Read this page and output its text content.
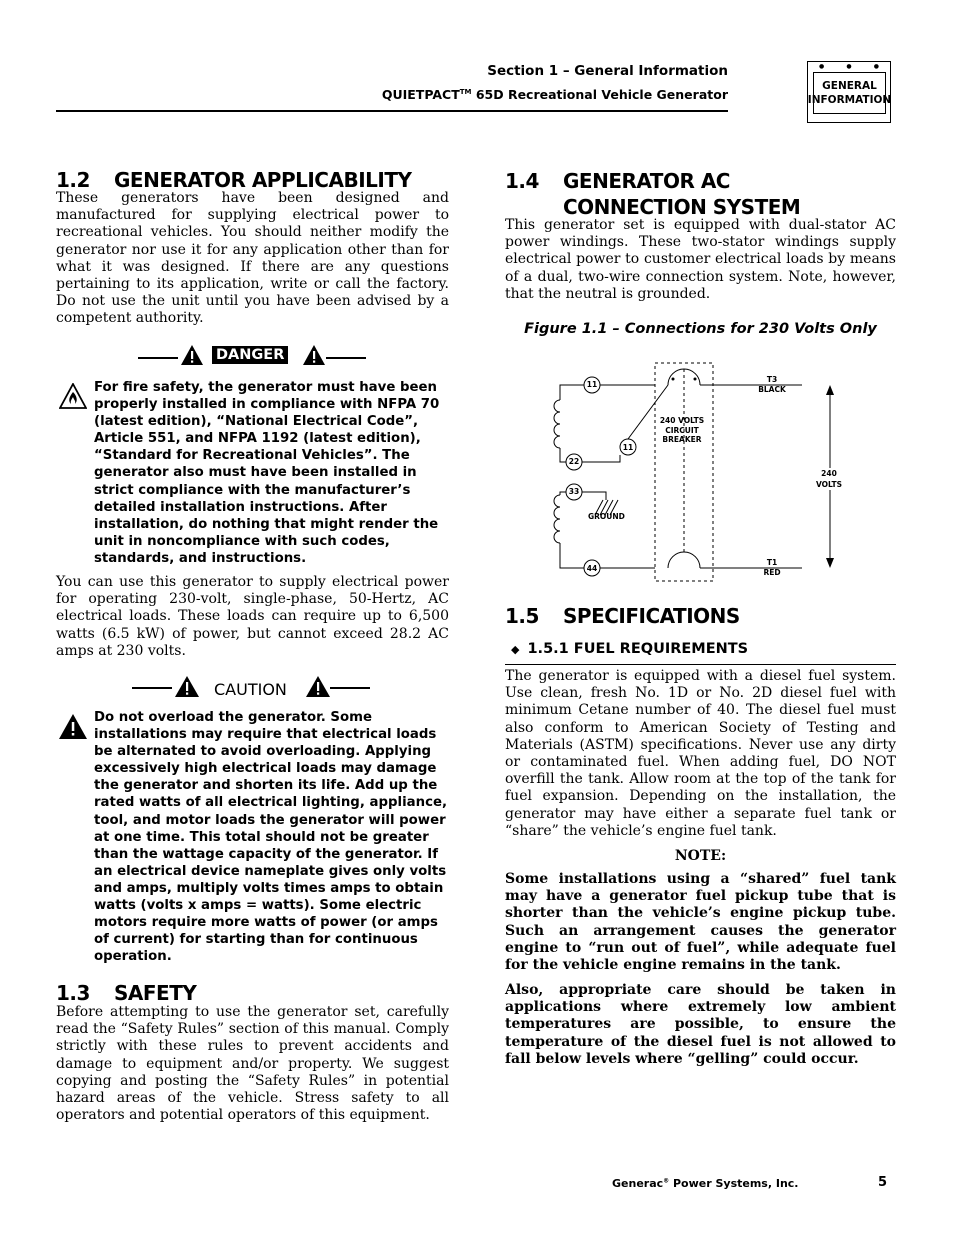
Section 1 – General Information
QUIETPACT™ 65D Recreational Vehicle Generator
●	●	●
GENERAL
INFORMATION
1.2 GENERATOR APPLICABILITY

These generators have been designed and manufactured for supplying electrical power to recreational vehicles. You should neither modify the generator nor use it for any application other than for what it was designed. If there are any questions pertaining to its application, write or call the factory. Do not use the unit until you have been advised by a competent authority.

DANGER

For fire safety, the generator must have been properly installed in compliance with NFPA 70 (latest edition), “National Electrical Code”, Article 551, and NFPA 1192 (latest edition), “Standard for Recreational Vehicles”. The generator also must have been installed in strict compliance with the manufacturer’s detailed installation instructions. After installation, do nothing that might render the unit in noncompliance with such codes, standards, and instructions.

You can use this generator to supply electrical power for operating 230-volt, single-phase, 50-Hertz, AC electrical loads. These loads can require up to 6,500 watts (6.5 kW) of power, but cannot exceed 28.2 AC amps at 230 volts.

CAUTION

Do not overload the generator. Some installations may require that electrical loads be alternated to avoid overloading. Applying excessively high electrical loads may damage the generator and shorten its life. Add up the rated watts of all electrical lighting, appliance, tool, and motor loads the generator will power at one time. This total should not be greater than the wattage capacity of the generator. If an electrical device nameplate gives only volts and amps, multiply volts times amps to obtain watts (volts x amps = watts). Some electric motors require more watts of power (or amps of current) for starting than for continuous operation.

1.3 SAFETY

Before attempting to use the generator set, carefully read the “Safety Rules” section of this manual. Comply strictly with these rules to prevent accidents and damage to equipment and/or property. We suggest copying and posting the “Safety Rules” in potential hazard areas of the vehicle. Stress safety to all operators and potential operators of this equipment.

1.4 GENERATOR AC
CONNECTION SYSTEM

This generator set is equipped with dual-stator AC power windings. These two-stator windings supply electrical power to customer electrical loads by means of a dual, two-wire connection system. Note, however, that the neutral is grounded.

Figure 1.1 – Connections for 230 Volts Only
11
11
22
33
44
GROUND
240 VOLTS
CIRCUIT
BREAKER
T3
BLACK
T1
RED
240
VOLTS
1.5 SPECIFICATIONS
◆ 1.5.1 FUEL REQUIREMENTS

The generator is equipped with a diesel fuel system. Use clean, fresh No. 1D or No. 2D diesel fuel with minimum Cetane number of 40. The diesel fuel must also conform to American Society of Testing and Materials (ASTM) specifications. Never use any dirty or contaminated fuel. When adding fuel, DO NOT overfill the tank. Allow room at the top of the tank for fuel expansion. Depending on the installation, the generator may have either a separate fuel tank or “share” the vehicle’s engine fuel tank.

NOTE:

Some installations using a “shared” fuel tank may have a generator fuel pickup tube that is shorter than the vehicle’s engine pickup tube. Such an arrangement causes the generator engine to “run out of fuel”, while adequate fuel for the vehicle engine remains in the tank.

Also, appropriate care should be taken in applications where extremely low ambient temperatures are possible, to ensure the temperature of the diesel fuel is not allowed to fall below levels where “gelling” could occur.

Generac® Power Systems, Inc.	5
